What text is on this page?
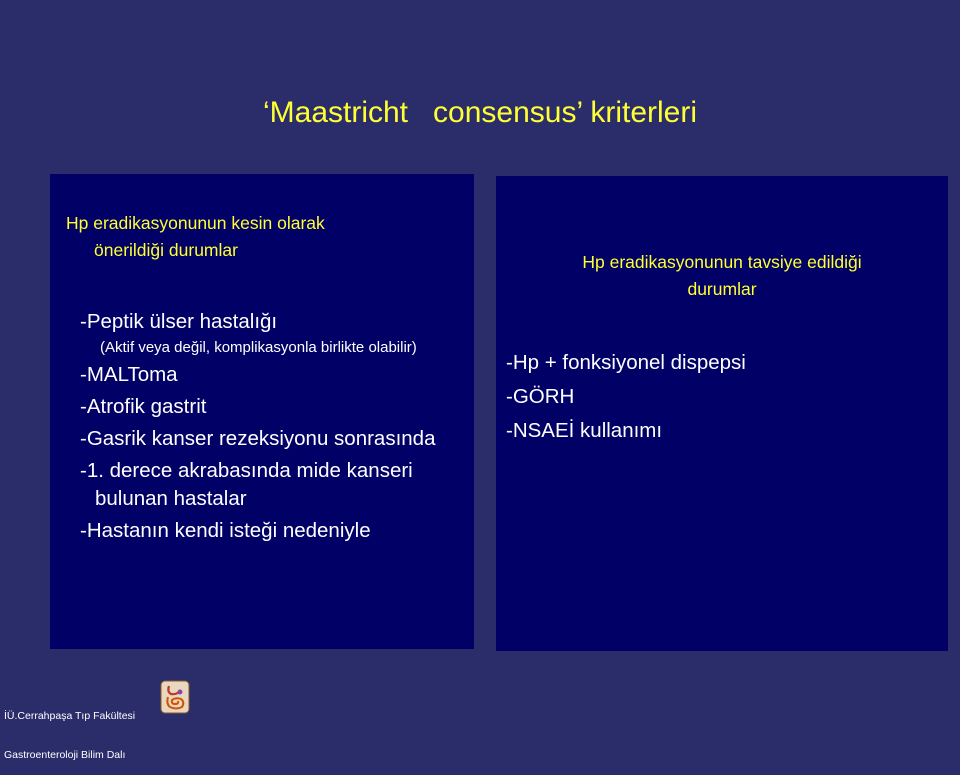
‘Maastricht   consensus’ kriterleri
Hp eradikasyonunun kesin olarak
önerildiği durumlar
-Peptik ülser hastalığı
(Aktif veya değil, komplikasyonla birlikte olabilir)
-MALToma
-Atrofik gastrit
-Gasrik kanser rezeksiyonu sonrasında
-1. derece akrabasında mide kanseri bulunan hastalar
-Hastanın kendi isteği nedeniyle
Hp eradikasyonunun tavsiye edildiği
durumlar
-Hp + fonksiyonel dispepsi
-GÖRH
-NSAEİ kullanımı

İÜ.Cerrahpaşa Tıp Fakültesi

Gastroenteroloji Bilim Dalı
